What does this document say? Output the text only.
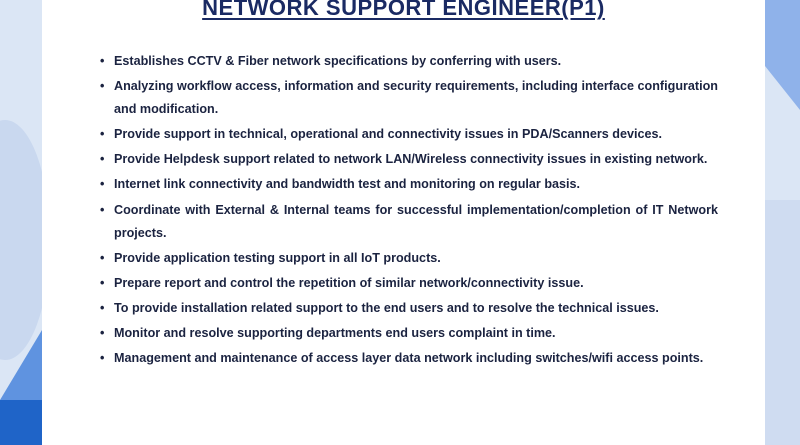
NETWORK SUPPORT ENGINEER(P1)
• Establishes CCTV & Fiber network specifications by conferring with users.
• Analyzing workflow access, information and security requirements, including interface configuration and modification.
• Provide support in technical, operational and connectivity issues in PDA/Scanners devices.
• Provide Helpdesk support related to network LAN/Wireless connectivity issues in existing network.
• Internet link connectivity and bandwidth test and monitoring on regular basis.
• Coordinate with External & Internal teams for successful implementation/completion of IT Network projects.
• Provide application testing support in all IoT products.
• Prepare report and control the repetition of similar network/connectivity issue.
• To provide installation related support to the end users and to resolve the technical issues.
• Monitor and resolve supporting departments end users complaint in time.
• Management and maintenance of access layer data network including switches/wifi access points.
